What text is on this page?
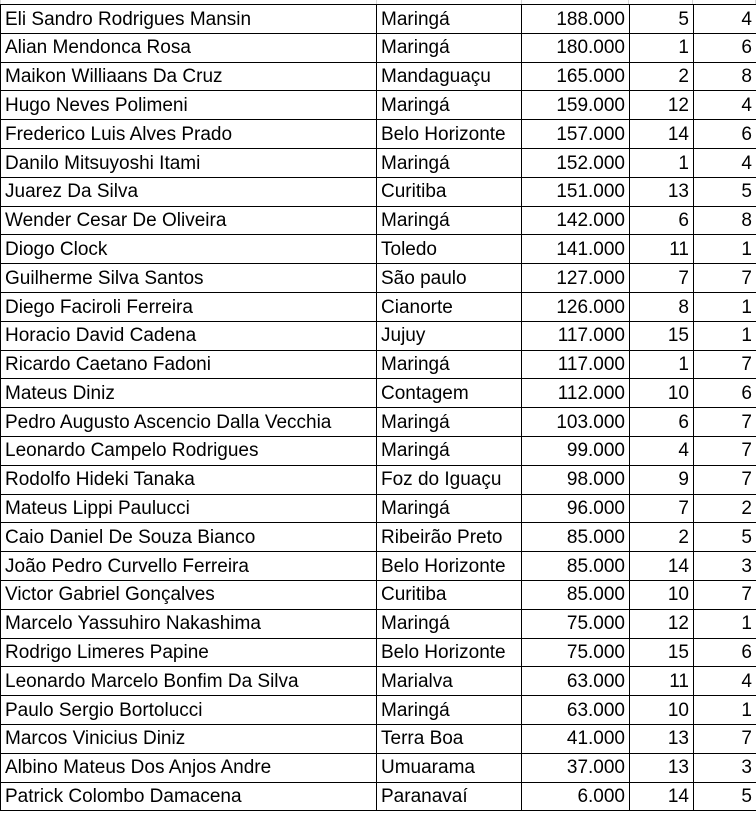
Eli Sandro Rodrigues Mansin	Maringá	188.000	5	4
Alian Mendonca Rosa	Maringá	180.000	1	6
Maikon Williaans Da Cruz	Mandaguaçu	165.000	2	8
Hugo Neves Polimeni	Maringá	159.000	12	4
Frederico Luis Alves Prado	Belo Horizonte	157.000	14	6
Danilo Mitsuyoshi Itami	Maringá	152.000	1	4
Juarez Da Silva	Curitiba	151.000	13	5
Wender Cesar De Oliveira	Maringá	142.000	6	8
Diogo Clock	Toledo	141.000	11	1
Guilherme Silva Santos	São paulo	127.000	7	7
Diego Faciroli Ferreira	Cianorte	126.000	8	1
Horacio David Cadena	Jujuy	117.000	15	1
Ricardo Caetano Fadoni	Maringá	117.000	1	7
Mateus Diniz	Contagem	112.000	10	6
Pedro Augusto Ascencio Dalla Vecchia	Maringá	103.000	6	7
Leonardo Campelo Rodrigues	Maringá	99.000	4	7
Rodolfo Hideki Tanaka	Foz do Iguaçu	98.000	9	7
Mateus Lippi Paulucci	Maringá	96.000	7	2
Caio Daniel De Souza Bianco	Ribeirão Preto	85.000	2	5
João Pedro Curvello Ferreira	Belo Horizonte	85.000	14	3
Victor Gabriel Gonçalves	Curitiba	85.000	10	7
Marcelo Yassuhiro Nakashima	Maringá	75.000	12	1
Rodrigo Limeres Papine	Belo Horizonte	75.000	15	6
Leonardo Marcelo Bonfim Da Silva	Marialva	63.000	11	4
Paulo Sergio Bortolucci	Maringá	63.000	10	1
Marcos Vinicius Diniz	Terra Boa	41.000	13	7
Albino Mateus Dos Anjos Andre	Umuarama	37.000	13	3
Patrick Colombo Damacena	Paranavaí	6.000	14	5
